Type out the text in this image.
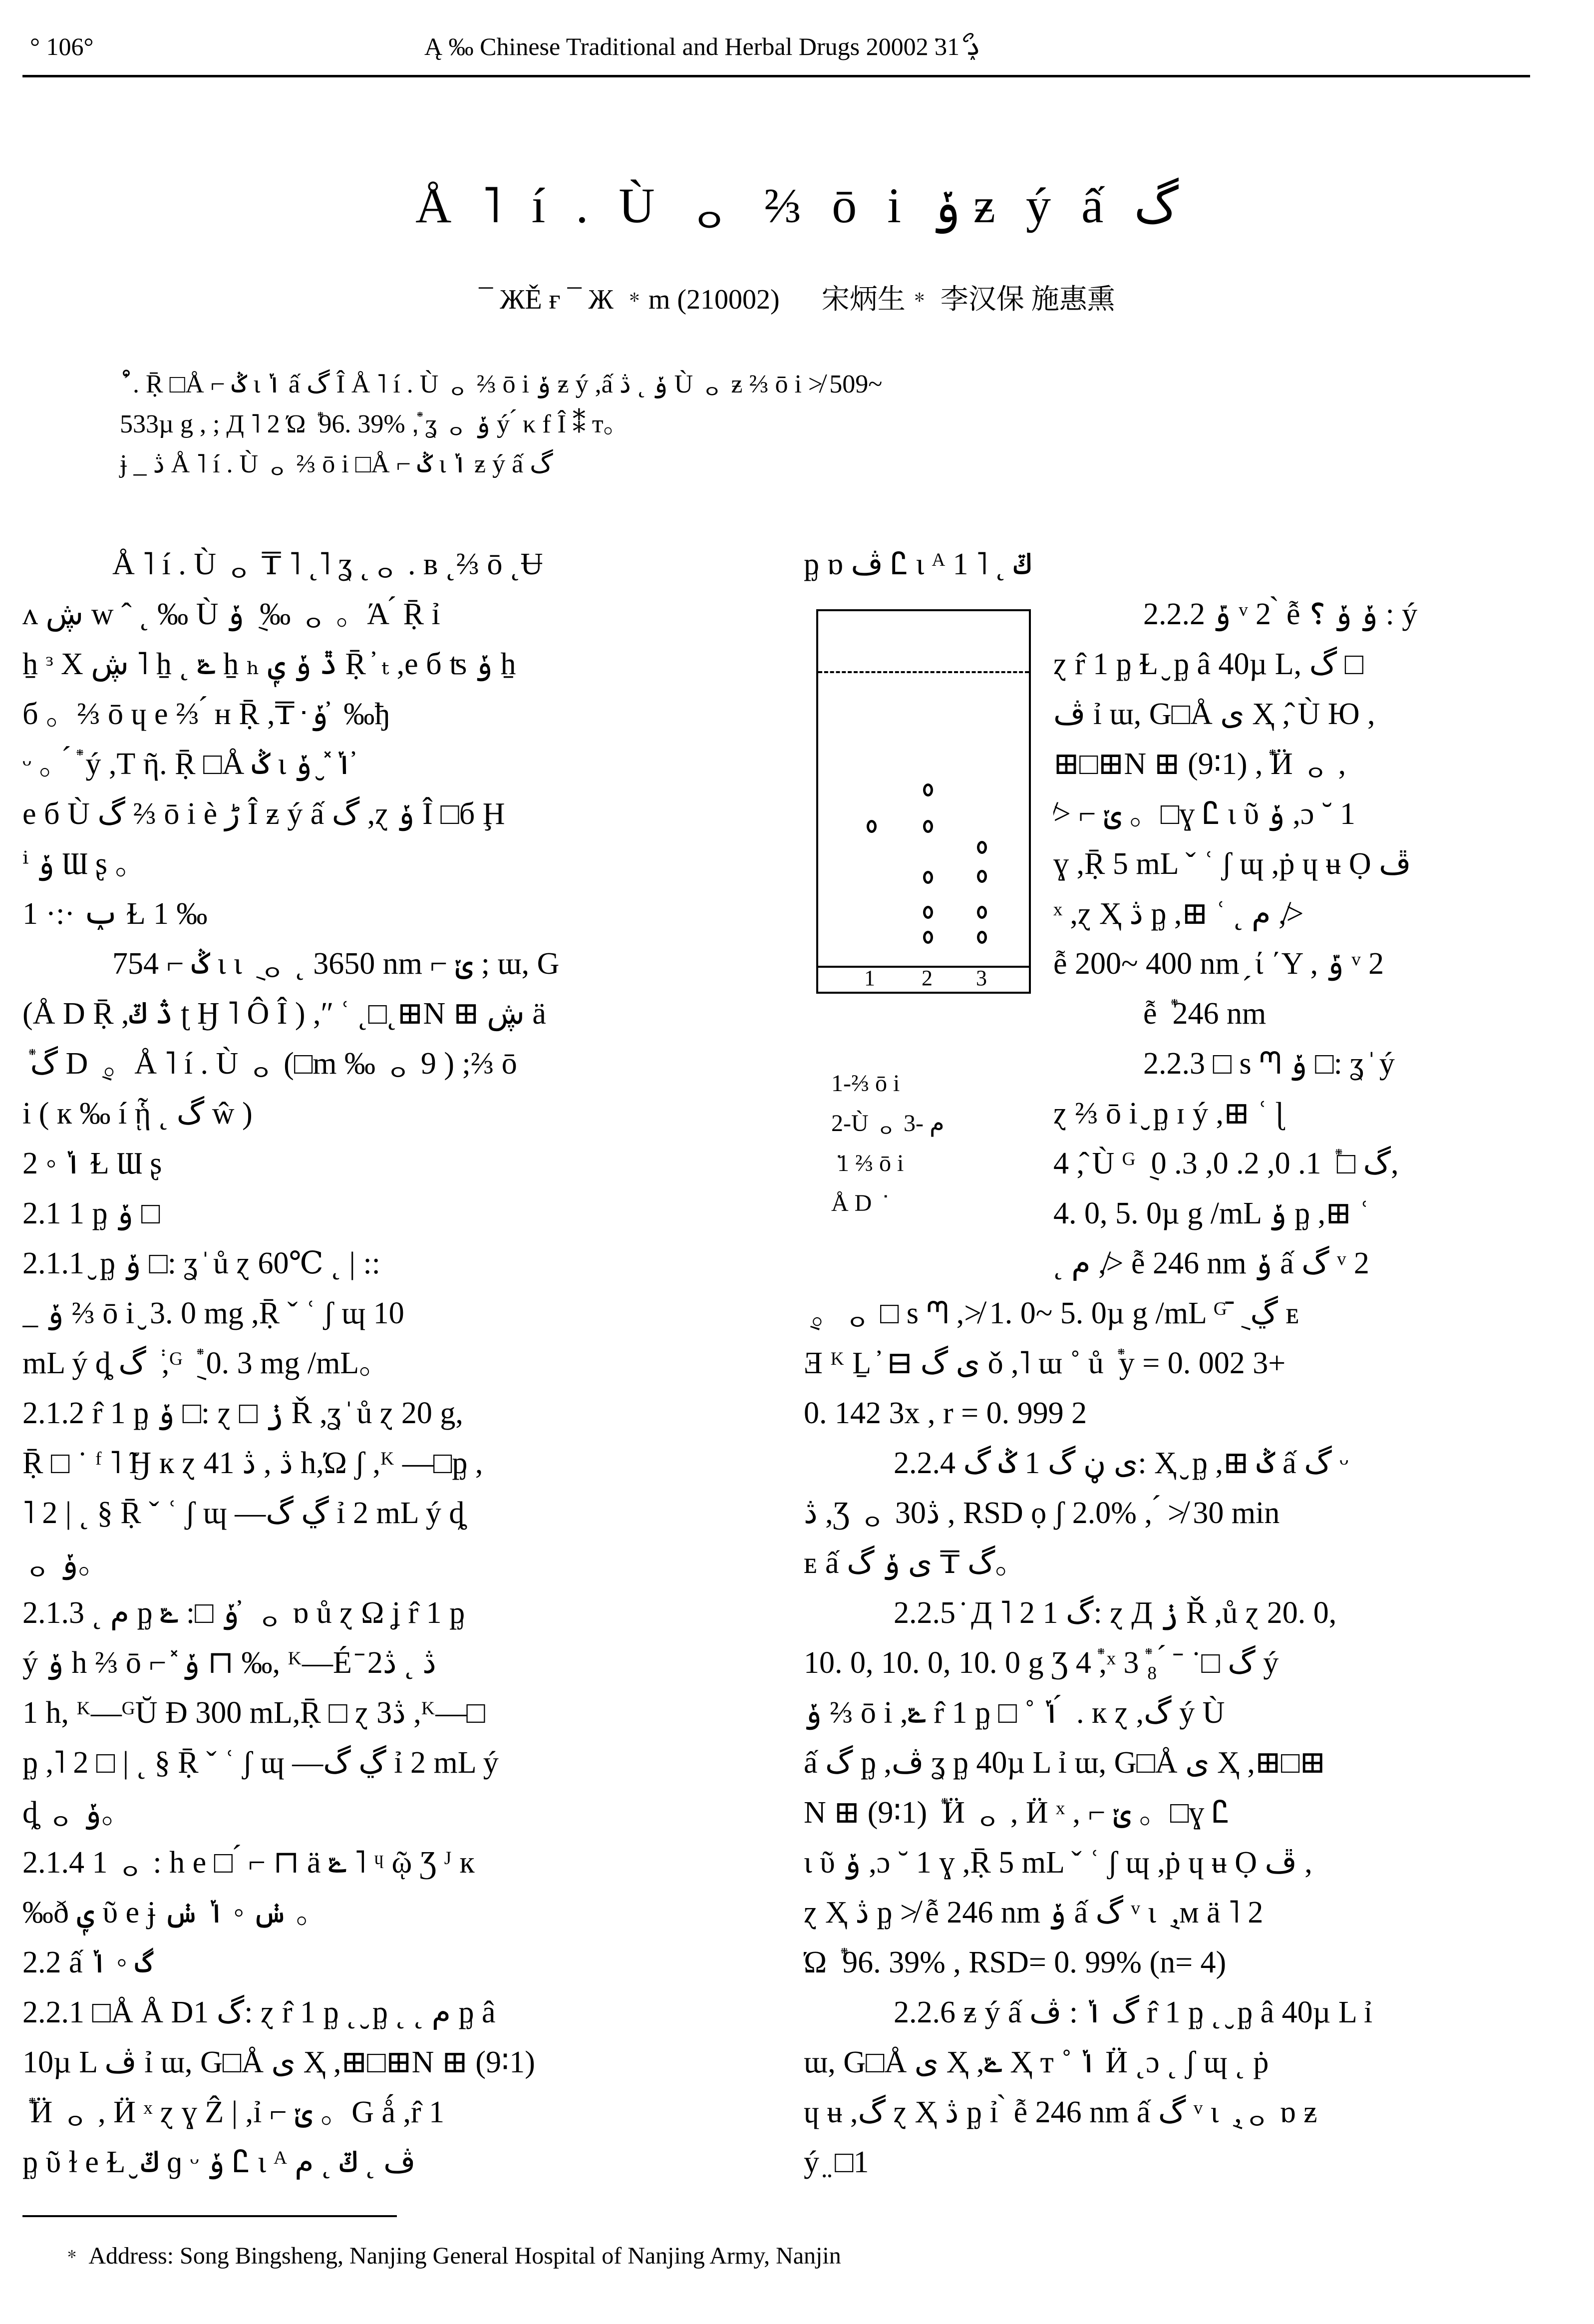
° 106°	Ą ‰ Chinese Traditional and Herbal Drugs 2000ݚ 31ޯ 2݁
Å ˥ í . Ù ᆼ ⅔ ō i ݸ ƶ ý ấ گ
¯ ЖĚ ғ ¯ Ж ﹡m (210002) 宋炳生﹡ 李汉保 施惠熏

ْ ̓ . Ṝ □Å ⌐ ݣ ι ݳ ấ گ Î Å ˥ í . Ù ᆼ ⅔ ō i ݸ ƶ ý ,ấ ݸ ˛ ڎ Ù ᆼ ƶ ⅔ ō i ≯ 509~

533µ g , ; Д ˥ 2 Ώ ݊ 96. 39% ,݊ ʓ ᆼ ݸ ý ́ κ f Î ⁑ т。

ɉ _ ڎ Å ˥ í . Ù ᆼ ⅔ ō i □Å ⌐ ݣ ι ݳ ƶ ý ấ گ

Å ˥ í . Ù ᆼ ₸ ˥ ˛˥ ʓ ˛ᆼ . в ˛⅔ ō ˛Ʉ

ᴧ ڜ w ˆ ˛ ‰ Ù ݸ ݈ ‰ ᆼ 。Ά ́ Ṝ ỉ

ẖ ᵌ X ڜ ˥ ẖ ˛ ݻ ẖ ₕ ڐ ݸ ݷ Ṝ ̓ ₜ ,e б ʦ ݸ ẖ

б 。⅔ ō ɥ e ⅔ ́ ʜ Ṝ ,₸ ݀ ݸ ̓ ‰ђ

ᵕ 。݊ ́ ý ,Т ῆ. Ṝ □Å ݣ ι ݳ ̽ ̮ ݸ ̓

e б Ù گ ⅔ ō i è ڑ Î ƶ ý ấ گ ,ɀ ݸ Î □б Ḩ

ⁱ ݸ Ɯ ʂ 。

1 ·:· ݕ Ɫ 1 ‰

754 ⌐ ݣ ι ι ݈ ᆼ ˛ 3650 nm ⌐ ݵ ; ɯ, G

(Å D Ṝ ,ڎ ݿ ʈ Ӈ ˥ Ô Î ) ,ʺ ʿ ˛□˛⊞N ⊞ ڜ ä

݊ گ D ݈ 。Å ˥ í . Ù ᆼ (□m ‰ ᆼ 9 ) ;⅔ ō

i ( к ‰ í ᾗ ˛ گ ŵ )

2 ◦ ݳ Ɫ Ɯ ʂ

2.1 1 ᶈ ݸ □

2.1.1 ̮ ᶈ ݸ □: ʓ ̍ ů ɀ 60℃ ˛ | ::

_ ݸ ⅔ ō i ̮ 3. 0 mg ,Ṝ ˇ ʿ ʃ ɰ 10

mL ý ȡ گ ݃ ,ᴳ ݈ ݊ 0. 3 mg /mL。

2.1.2 r̂ 1 ᶈ ݸ □: ɀ □ ݫ Ř ,ʓ ̍ ů ɀ 20 g,

Ṝ □ ˙ ᶠ ˥ ̃Ӈ к ɀ 4ڎ , ڎ 1 h,Ώ ʃ ,ᴷ ―□ᶈ ,

˥ 2 | ˛ § Ṝ ˇ ʿ ʃ ɰ ―ڲ گ ỉ 2 mL ý ȡ

ᆼ ݸ。

2.1.3 ˛ م ᶈ ݸ □: ݻ ̓ ᆼ ɒ ů ɀ Ω ʝ r̂ 1 ᶈ

ý ݸ h ⅔ ō ⌐ ̽ ݸ ⊓ ‰, ᴷ―É ̄ 2ڎ ˛ ڎ

1 h, ᴷ―ᴳŬ Ð 300 mL,Ṝ □ ɀ 3ڎ ,ᴷ―□

ᶈ ,˥ 2 □ | ˛ § Ṝ ˇ ʿ ʃ ɰ ―ڲ گ ỉ 2 mL ý

ȡ ᆼ ݸ。

2.1.4 1 ᆼ : h e □ ́ ⌐ ⊓ ä ݻ ˥ ᶣ ῷ Ʒ ᴶ к

‰ð ݷ ῦ e ɉ ݭ ◦ ݳ ݭ 。

2.2 ấ گ ◦ ݳ

2.2.1 □Å Å D1 گ: ɀ r̂ 1 ᶈ ˛ ̮ ᶈ ˛ ˛ م ᶈ â

10µ L ڤ ỉ ɯ, G□Å ی Ҳ ,⊞□⊞N ⊞ (9∶1)

݊ Ӥ ᆼ , Ӥ ˣ ɀ ɣ Ẑ | ,ỉ ⌐ ݵ 。G ǻ ,r̂ 1

ᶈ ῦ ɫ e Ɫ ̮ ݿ ɡ ᵕ ݸ Ꮭ ι ᴬ ڤ ˛ ݿ ˛ م

ᶈ ɒ ڤ Ꮭ ι ᴬ ݿ ˛ ˥ 1

1 2 3
1-⅔ ō i
2-Ù ᆼ 3- م
݁ 1 ⅔ ō i
Å D ݁

2.2.2 ݹ ᵛ 2 ̀ ễ ݸ ݸ ؟ : ý

ɀ r̂ 1 ᶈ Ɫ ̮ ᶈ â 40µ L, گ □

ڤ ỉ ɯ, G□Å ی Ҳ ,̂ Ù Ю ,

⊞□⊞N ⊞ (9∶1) ,݊ Ӥ ᆼ ,

≯ ⌐ ݵ 。□ɣ Ꮭ ι ῦ ݸ ,ɔ ˘ 1

ɣ ,Ṝ 5 mL ˇ ʿ ʃ ɰ ,ṗ ɥ ʉ Ọ ڦ

ˣ ,ɀ Ҳ ڎ ᶈ ,⊞ ʿ ˛ م ,≯

ễ 200~ 400 nm ̗ ί ΄Y , ݹ ᵛ 2

ễ ݊ 246 nm

2.2.3 □ s ᘉ ݸ □: ʓ ̍ ý

ɀ ⅔ ō i ̮ ᶈ ɪ ý ,⊞ ʿ ɭ

4 ,̂ Ù ᴳ ݈ گ □ ݊ 1. 0, 2. 0, 3. 0,

4. 0, 5. 0µ g /mL ݸ ᶈ ,⊞ ʿ

˛ م ,≯ ễ 246 nm ݸ ấ گ ᵛ 2

݈ 。ᆼ □ s ᘉ ,≯ 1. 0~ 5. 0µ g /mL ᴳ ݈ ̄ ڲ ᴇ

Ǝ ᴷ Ḻ ̓ ⊟ ی گ ǒ ,˥ ɯ ˚ ů ݊ y = 0. 002 3+

0. 142 3x , r = 0. 999 2

2.2.4 ی ڼ گ 1 ݣ گ: Ҳ ̮ ᶈ ,⊞ ݣ ấ گ ᵕ

ڎ ,Ʒ ᆼ 30ڎ , RSD ọ ʃ 2.0% , ́ ≯ 30 min

ᴇ ấ گ ₸ ی ݸ گ。

2.2.5 ̇ Д ˥ 2 1 گ: ɀ Д ݫ Ř ,ů ɀ 20. 0,

10. 0, 10. 0, 10. 0 g Ʒ 4݊ ,ˣ 3݊ گ □˙ ˉ ́ ₈ ý

ݸ ⅔ ō i ,ݻ r̂ 1 ᶈ □ ˚ ݳ ́ . к ɀ ,گ ý Ù

ấ گ ᶈ ,ڤ ʓ ᶈ 40µ L ỉ ɯ, G□Å ی Ҳ ,⊞□⊞

N ⊞ (9∶1) ݊ Ӥ ᆼ , Ӥ ˣ , ⌐ ݵ 。□ɣ Ꮭ

ι ῦ ݸ ,ɔ ˘ 1 ɣ ,Ṝ 5 mL ˇ ʿ ʃ ɰ ,ṗ ɥ ʉ Ọ ڦ ,

ɀ Ҳ ڎ ᶈ ≯ ễ 246 nm ݸ ấ گ ᵛ ι ݈ ,ᴍ ä ˥ 2

Ώ ݊ 96. 39% , RSD= 0. 99% (n= 4)

2.2.6 ƶ ý ấ گ ݳ : ڤ r̂ 1 ᶈ ˛ ̮ ᶈ â 40µ L ỉ

ɯ, G□Å ی Ҳ ,ݻ Ҳ т ˚ ݳ Ӥ ˛ɔ ˛ ʃ ɰ ˛ ṗ

ɥ ʉ ,گ ɀ Ҳ ڎ ᶈ ỉ ̀ ễ 246 nm ấ گ ᵛ ι ݈ ,ᆼ ɒ ƶ

ý ̤ □1

﹡ Address: Song Bingsheng, Nanjing General Hospital of Nanjing Army, Nanjin
